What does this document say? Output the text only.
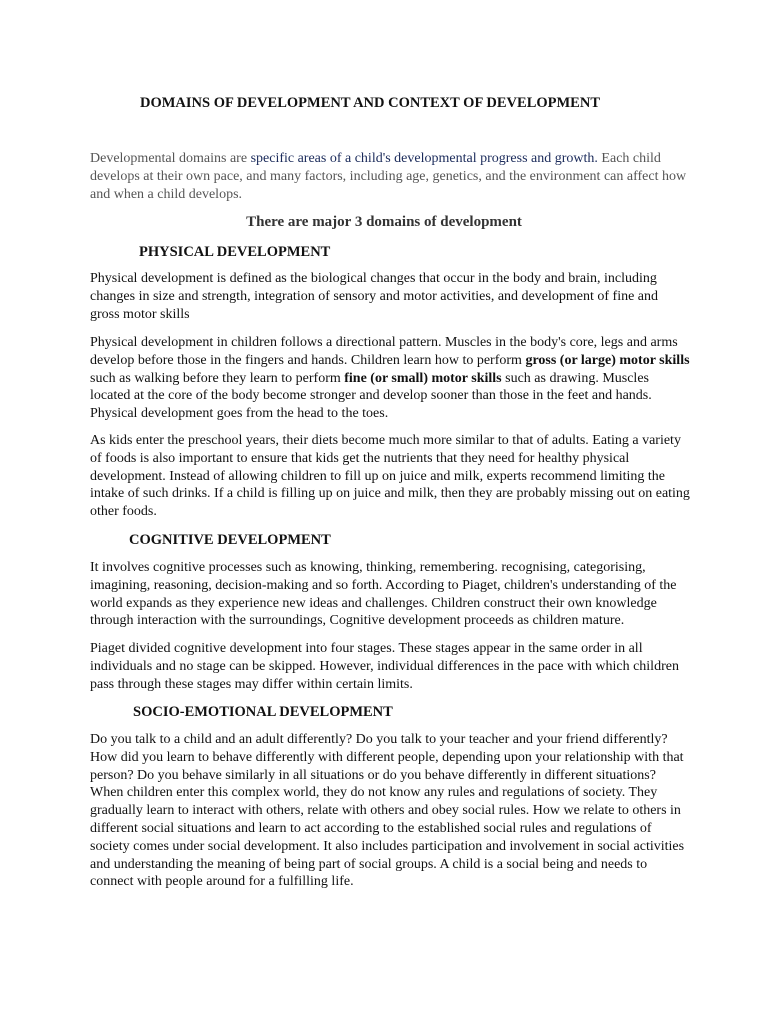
DOMAINS OF DEVELOPMENT AND CONTEXT OF DEVELOPMENT

Developmental domains are specific areas of a child's developmental progress and growth. Each child develops at their own pace, and many factors, including age, genetics, and the environment can affect how and when a child develops.

There are major 3 domains of development
PHYSICAL DEVELOPMENT

Physical development is defined as the biological changes that occur in the body and brain, including changes in size and strength, integration of sensory and motor activities, and development of fine and gross motor skills

Physical development in children follows a directional pattern. Muscles in the body's core, legs and arms develop before those in the fingers and hands. Children learn how to perform gross (or large) motor skills such as walking before they learn to perform fine (or small) motor skills such as drawing. Muscles located at the core of the body become stronger and develop sooner than those in the feet and hands. Physical development goes from the head to the toes.

As kids enter the preschool years, their diets become much more similar to that of adults. Eating a variety of foods is also important to ensure that kids get the nutrients that they need for healthy physical development. Instead of allowing children to fill up on juice and milk, experts recommend limiting the intake of such drinks. If a child is filling up on juice and milk, then they are probably missing out on eating other foods.

COGNITIVE DEVELOPMENT

It involves cognitive processes such as knowing, thinking, remembering. recognising, categorising, imagining, reasoning, decision-making and so forth. According to Piaget, children's understanding of the world expands as they experience new ideas and challenges. Children construct their own knowledge through interaction with the surroundings, Cognitive development proceeds as children mature.

Piaget divided cognitive development into four stages. These stages appear in the same order in all individuals and no stage can be skipped. However, individual differences in the pace with which children pass through these stages may differ within certain limits.

SOCIO-EMOTIONAL DEVELOPMENT

Do you talk to a child and an adult differently? Do you talk to your teacher and your friend differently? How did you learn to behave differently with different people, depending upon your relationship with that person? Do you behave similarly in all situations or do you behave differently in different situations? When children enter this complex world, they do not know any rules and regulations of society. They gradually learn to interact with others, relate with others and obey social rules. How we relate to others in different social situations and learn to act according to the established social rules and regulations of society comes under social development. It also includes participation and involvement in social activities and understanding the meaning of being part of social groups. A child is a social being and needs to connect with people around for a fulfilling life.
